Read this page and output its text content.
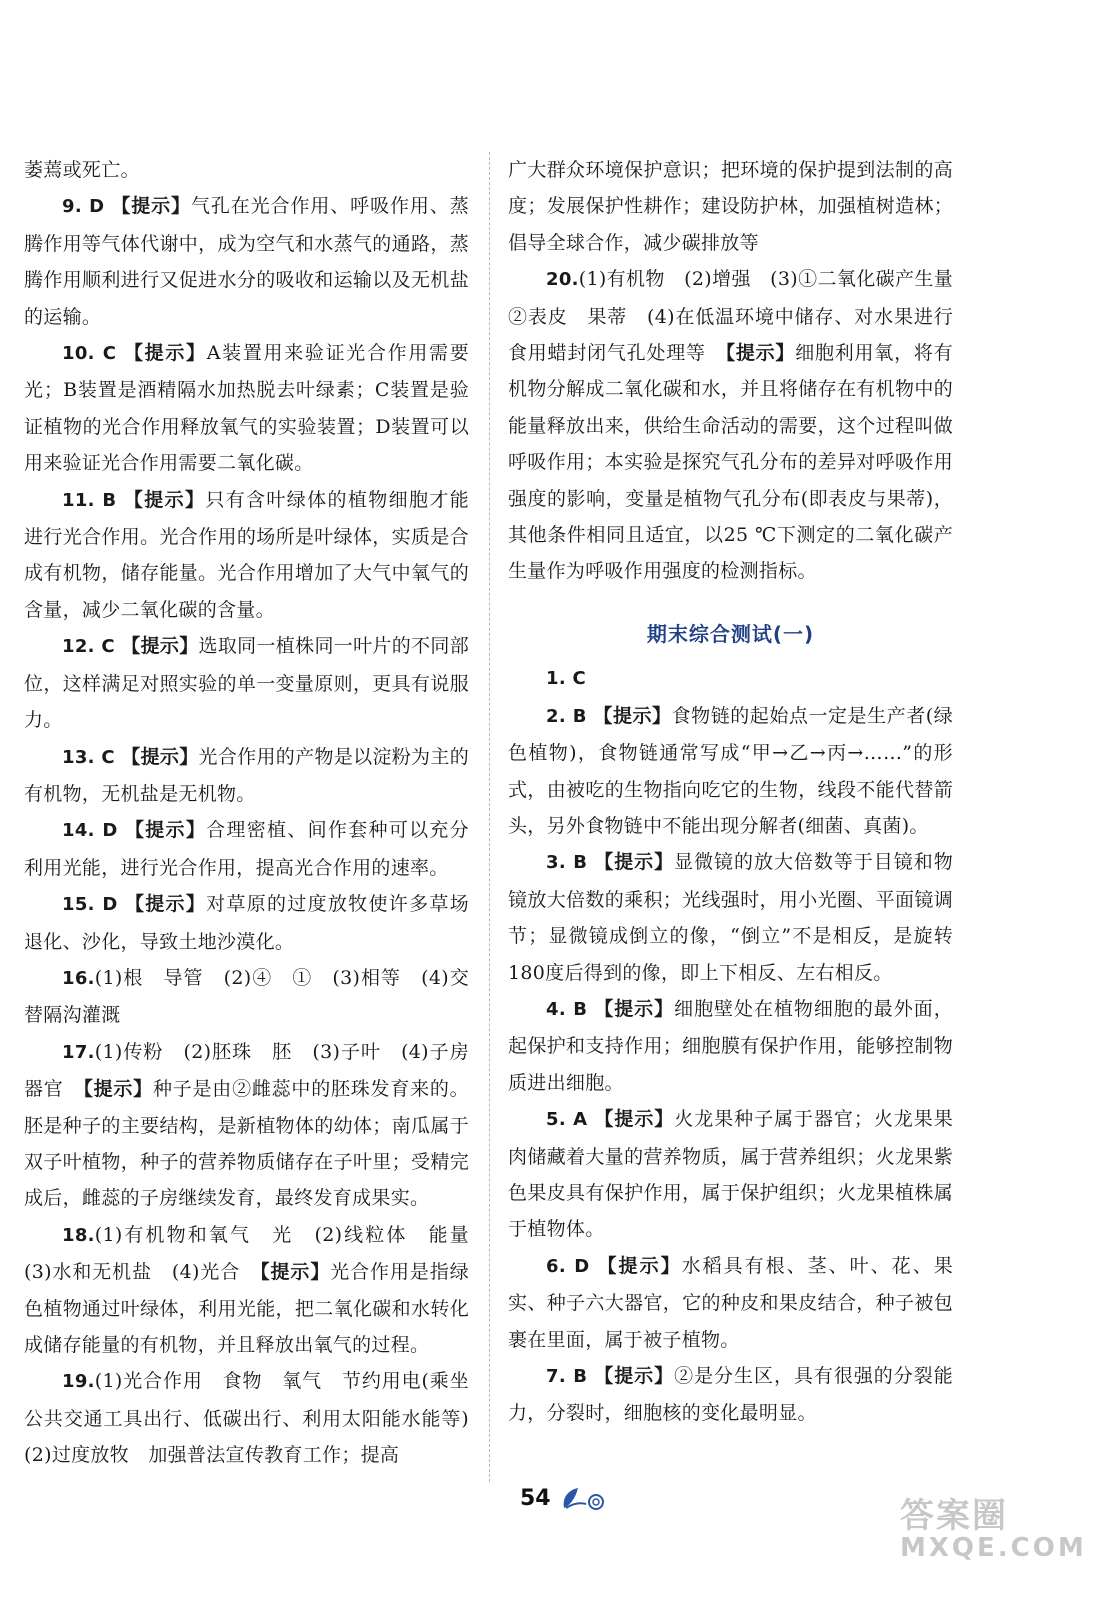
萎蔫或死亡。

9. D 【提示】气孔在光合作用、呼吸作用、蒸腾作用等气体代谢中，成为空气和水蒸气的通路，蒸腾作用顺利进行又促进水分的吸收和运输以及无机盐的运输。

10. C 【提示】A装置用来验证光合作用需要光；B装置是酒精隔水加热脱去叶绿素；C装置是验证植物的光合作用释放氧气的实验装置；D装置可以用来验证光合作用需要二氧化碳。

11. B 【提示】只有含叶绿体的植物细胞才能进行光合作用。光合作用的场所是叶绿体，实质是合成有机物，储存能量。光合作用增加了大气中氧气的含量，减少二氧化碳的含量。

12. C 【提示】选取同一植株同一叶片的不同部位，这样满足对照实验的单一变量原则，更具有说服力。

13. C 【提示】光合作用的产物是以淀粉为主的有机物，无机盐是无机物。

14. D 【提示】合理密植、间作套种可以充分利用光能，进行光合作用，提高光合作用的速率。

15. D 【提示】对草原的过度放牧使许多草场退化、沙化，导致土地沙漠化。

16.(1)根　导管　(2)④　①　(3)相等　(4)交替隔沟灌溉

17.(1)传粉　(2)胚珠　胚　(3)子叶　(4)子房　器官　【提示】种子是由②雌蕊中的胚珠发育来的。胚是种子的主要结构，是新植物体的幼体；南瓜属于双子叶植物，种子的营养物质储存在子叶里；受精完成后，雌蕊的子房继续发育，最终发育成果实。

18.(1)有机物和氧气　光　(2)线粒体　能量　(3)水和无机盐　(4)光合　【提示】光合作用是指绿色植物通过叶绿体，利用光能，把二氧化碳和水转化成储存能量的有机物，并且释放出氧气的过程。

19.(1)光合作用　食物　氧气　节约用电(乘坐公共交通工具出行、低碳出行、利用太阳能水能等)　(2)过度放牧　加强普法宣传教育工作；提高

广大群众环境保护意识；把环境的保护提到法制的高度；发展保护性耕作；建设防护林，加强植树造林；倡导全球合作，减少碳排放等

20.(1)有机物　(2)增强　(3)①二氧化碳产生量　②表皮　果蒂　(4)在低温环境中储存、对水果进行食用蜡封闭气孔处理等　【提示】细胞利用氧，将有机物分解成二氧化碳和水，并且将储存在有机物中的能量释放出来，供给生命活动的需要，这个过程叫做呼吸作用；本实验是探究气孔分布的差异对呼吸作用强度的影响，变量是植物气孔分布(即表皮与果蒂)，其他条件相同且适宜，以25 ℃下测定的二氧化碳产生量作为呼吸作用强度的检测指标。

期末综合测试(一)

1. C

2. B 【提示】食物链的起始点一定是生产者(绿色植物)，食物链通常写成“甲→乙→丙→……”的形式，由被吃的生物指向吃它的生物，线段不能代替箭头，另外食物链中不能出现分解者(细菌、真菌)。

3. B 【提示】显微镜的放大倍数等于目镜和物镜放大倍数的乘积；光线强时，用小光圈、平面镜调节；显微镜成倒立的像，“倒立”不是相反，是旋转180度后得到的像，即上下相反、左右相反。

4. B 【提示】细胞壁处在植物细胞的最外面，起保护和支持作用；细胞膜有保护作用，能够控制物质进出细胞。

5. A 【提示】火龙果种子属于器官；火龙果果肉储藏着大量的营养物质，属于营养组织；火龙果紫色果皮具有保护作用，属于保护组织；火龙果植株属于植物体。

6. D 【提示】水稻具有根、茎、叶、花、果实、种子六大器官，它的种皮和果皮结合，种子被包裹在里面，属于被子植物。

7. B 【提示】②是分生区，具有很强的分裂能力，分裂时，细胞核的变化最明显。

54	答案圈
MXQE.COM
